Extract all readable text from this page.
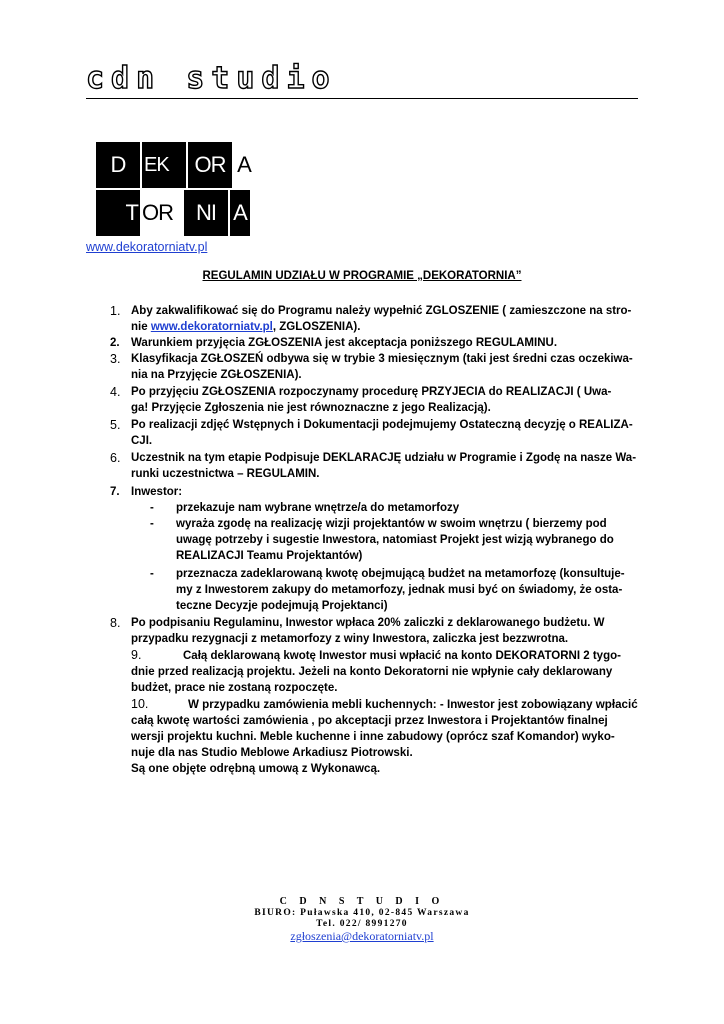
cdn studio
D EK	OR A
T OR	NI A
www.dekoratorniatv.pl
REGULAMIN UDZIAŁU W PROGRAMIE „DEKORATORNIA”
1. Aby zakwalifikować się do Programu należy wypełnić ZGLOSZENIE ( zamieszczone na stro-
nie www.dekoratorniatv.pl, ZGLOSZENIA).
2. Warunkiem przyjęcia ZGŁOSZENIA jest akceptacja poniższego REGULAMINU.
3. Klasyfikacja ZGŁOSZEŃ odbywa się w trybie 3 miesięcznym (taki jest średni czas oczekiwa-
nia na Przyjęcie ZGŁOSZENIA).
4. Po przyjęciu ZGŁOSZENIA rozpoczynamy procedurę PRZYJECIA do REALIZACJI ( Uwa-
ga! Przyjęcie Zgłoszenia nie jest równoznaczne z jego Realizacją).
5. Po realizacji zdjęć Wstępnych i Dokumentacji podejmujemy Ostateczną decyzję o REALIZA-
CJI.
6. Uczestnik na tym etapie Podpisuje DEKLARACJĘ udziału w Programie i Zgodę na nasze Wa-
runki uczestnictwa – REGULAMIN.
7. Inwestor:
- przekazuje nam wybrane wnętrze/a do metamorfozy
- wyraża zgodę na realizację wizji projektantów w swoim wnętrzu ( bierzemy pod
uwagę potrzeby i sugestie Inwestora, natomiast Projekt jest wizją wybranego do
REALIZACJI Teamu Projektantów)
- przeznacza zadeklarowaną kwotę obejmującą budżet na metamorfozę (konsultuje-
my z Inwestorem zakupy do metamorfozy, jednak musi być on świadomy, że osta-
teczne Decyzje podejmują Projektanci)
8. Po podpisaniu Regulaminu, Inwestor wpłaca 20% zaliczki z deklarowanego budżetu. W
przypadku rezygnacji z metamorfozy z winy Inwestora, zaliczka jest bezzwrotna.
9.	Całą deklarowaną kwotę Inwestor musi wpłacić na konto DEKORATORNI 2 tygo-
dnie przed realizacją projektu. Jeżeli na konto Dekoratorni nie wpłynie cały deklarowany
budżet, prace nie zostaną rozpoczęte.
10.	W przypadku zamówienia mebli kuchennych: - Inwestor jest zobowiązany wpłacić
całą kwotę wartości zamówienia , po akceptacji przez Inwestora i Projektantów finalnej
wersji projektu kuchni. Meble kuchenne i inne zabudowy (oprócz szaf Komandor) wyko-
nuje dla nas Studio Meblowe Arkadiusz Piotrowski.
Są one objęte odrębną umową z Wykonawcą.
C D N S T U D I O
BIURO: Puławska 410, 02-845 Warszawa
Tel. 022/ 8991270
zgłoszenia@dekoratorniatv.pl
